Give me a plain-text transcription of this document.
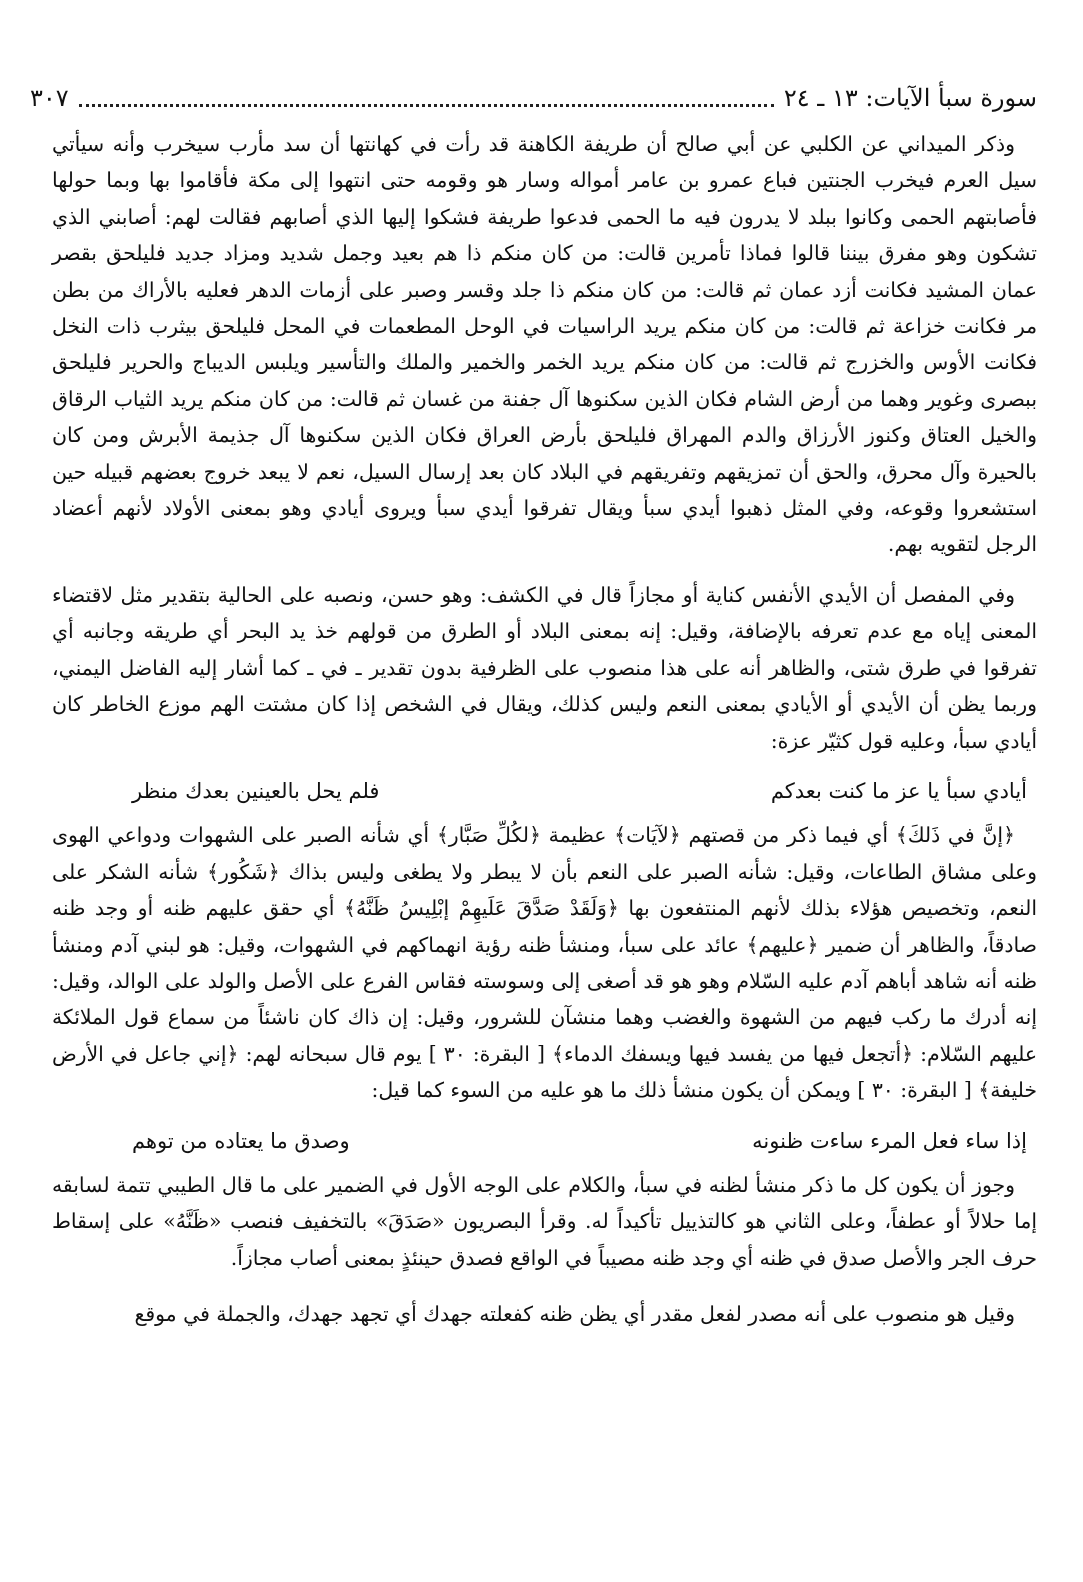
سورة سبأ الآيات: ١٣ ـ ٢٤
٣٠٧

وذكر الميداني عن الكلبي عن أبي صالح أن طريفة الكاهنة قد رأت في كهانتها أن سد مأرب سيخرب وأنه سيأتي سيل العرم فيخرب الجنتين فباع عمرو بن عامر أمواله وسار هو وقومه حتى انتهوا إلى مكة فأقاموا بها وبما حولها فأصابتهم الحمى وكانوا ببلد لا يدرون فيه ما الحمى فدعوا طريفة فشكوا إليها الذي أصابهم فقالت لهم: أصابني الذي تشكون وهو مفرق بيننا قالوا فماذا تأمرين قالت: من كان منكم ذا هم بعيد وجمل شديد ومزاد جديد فليلحق بقصر عمان المشيد فكانت أزد عمان ثم قالت: من كان منكم ذا جلد وقسر وصبر على أزمات الدهر فعليه بالأراك من بطن مر فكانت خزاعة ثم قالت: من كان منكم يريد الراسيات في الوحل المطعمات في المحل فليلحق بيثرب ذات النخل فكانت الأوس والخزرج ثم قالت: من كان منكم يريد الخمر والخمير والملك والتأسير ويلبس الديباج والحرير فليلحق ببصرى وغوير وهما من أرض الشام فكان الذين سكنوها آل جفنة من غسان ثم قالت: من كان منكم يريد الثياب الرقاق والخيل العتاق وكنوز الأرزاق والدم المهراق فليلحق بأرض العراق فكان الذين سكنوها آل جذيمة الأبرش ومن كان بالحيرة وآل محرق، والحق أن تمزيقهم وتفريقهم في البلاد كان بعد إرسال السيل، نعم لا يبعد خروج بعضهم قبيله حين استشعروا وقوعه، وفي المثل ذهبوا أيدي سبأ ويقال تفرقوا أيدي سبأ ويروى أيادي وهو بمعنى الأولاد لأنهم أعضاد الرجل لتقويه بهم.

وفي المفصل أن الأيدي الأنفس كناية أو مجازاً قال في الكشف: وهو حسن، ونصبه على الحالية بتقدير مثل لاقتضاء المعنى إياه مع عدم تعرفه بالإضافة، وقيل: إنه بمعنى البلاد أو الطرق من قولهم خذ يد البحر أي طريقه وجانبه أي تفرقوا في طرق شتى، والظاهر أنه على هذا منصوب على الظرفية بدون تقدير ـ في ـ كما أشار إليه الفاضل اليمني، وربما يظن أن الأيدي أو الأيادي بمعنى النعم وليس كذلك، ويقال في الشخص إذا كان مشتت الهم موزع الخاطر كان أيادي سبأ، وعليه قول كثيّر عزة:

أيادي سبأ يا عز ما كنت بعدكم
فلم يحل بالعينين بعدك منظر

﴿إنَّ في ذَلكَ﴾ أي فيما ذكر من قصتهم ﴿لآيَات﴾ عظيمة ﴿لكُلِّ صَبَّار﴾ أي شأنه الصبر على الشهوات ودواعي الهوى وعلى مشاق الطاعات، وقيل: شأنه الصبر على النعم بأن لا يبطر ولا يطغى وليس بذاك ﴿شَكُور﴾ شأنه الشكر على النعم، وتخصيص هؤلاء بذلك لأنهم المنتفعون بها ﴿وَلَقَدْ صَدَّقَ عَلَيهِمْ إبْلِيسُ ظَنَّهُ﴾ أي حقق عليهم ظنه أو وجد ظنه صادقاً، والظاهر أن ضمير ﴿عليهم﴾ عائد على سبأ، ومنشأ ظنه رؤية انهماكهم في الشهوات، وقيل: هو لبني آدم ومنشأ ظنه أنه شاهد أباهم آدم عليه السّلام وهو هو قد أصغى إلى وسوسته فقاس الفرع على الأصل والولد على الوالد، وقيل: إنه أدرك ما ركب فيهم من الشهوة والغضب وهما منشآن للشرور، وقيل: إن ذاك كان ناشئاً من سماع قول الملائكة عليهم السّلام: ﴿أتجعل فيها من يفسد فيها ويسفك الدماء﴾ [ البقرة: ٣٠ ] يوم قال سبحانه لهم: ﴿إني جاعل في الأرض خليفة﴾ [ البقرة: ٣٠ ] ويمكن أن يكون منشأ ذلك ما هو عليه من السوء كما قيل:

إذا ساء فعل المرء ساءت ظنونه
وصدق ما يعتاده من توهم

وجوز أن يكون كل ما ذكر منشأ لظنه في سبأ، والكلام على الوجه الأول في الضمير على ما قال الطيبي تتمة لسابقه إما حلالاً أو عطفاً، وعلى الثاني هو كالتذييل تأكيداً له. وقرأ البصريون «صَدَقَ» بالتخفيف فنصب «ظَنَّهُ» على إسقاط حرف الجر والأصل صدق في ظنه أي وجد ظنه مصيباً في الواقع فصدق حينئذٍ بمعنى أصاب مجازاً.

وقيل هو منصوب على أنه مصدر لفعل مقدر أي يظن ظنه كفعلته جهدك أي تجهد جهدك، والجملة في موقع
